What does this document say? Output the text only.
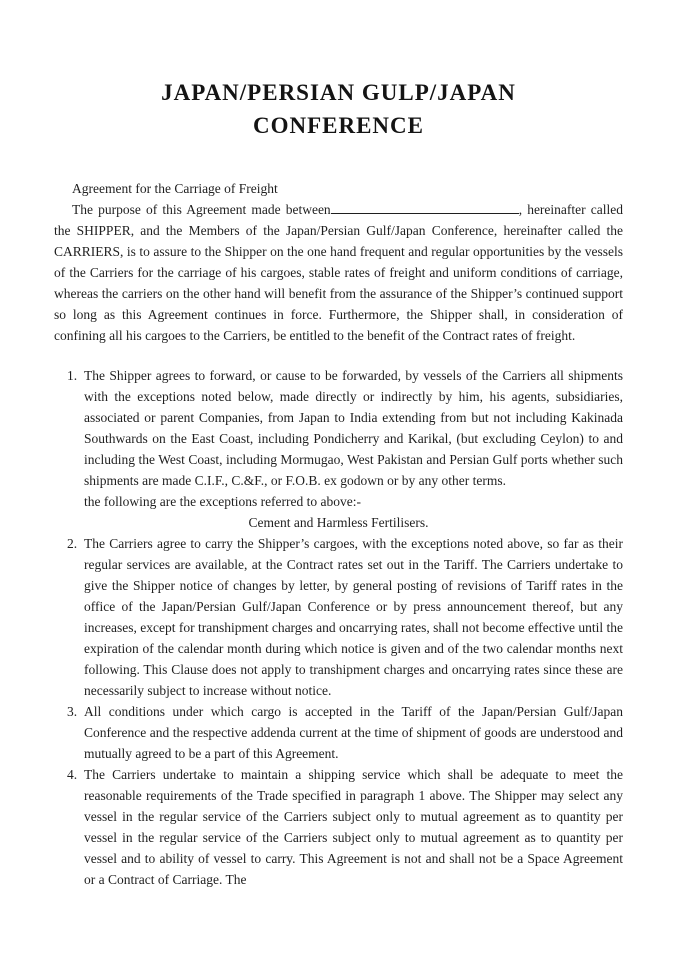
JAPAN/PERSIAN GULP/JAPAN
CONFERENCE
Agreement for the Carriage of Freight
The purpose of this Agreement made between	, hereinafter called the SHIPPER, and the Members of the Japan/Persian Gulf/Japan Conference, hereinafter called the CARRIERS, is to assure to the Shipper on the one hand frequent and regular opportunities by the vessels of the Carriers for the carriage of his cargoes, stable rates of freight and uniform conditions of carriage, whereas the carriers on the other hand will benefit from the assurance of the Shipper’s continued support so long as this Agreement continues in force. Furthermore, the Shipper shall, in consideration of confining all his cargoes to the Carriers, be entitled to the benefit of the Contract rates of freight.
1. The Shipper agrees to forward, or cause to be forwarded, by vessels of the Carriers all shipments with the exceptions noted below, made directly or indirectly by him, his agents, subsidiaries, associated or parent Companies, from Japan to India extending from but not including Kakinada Southwards on the East Coast, including Pondicherry and Karikal, (but excluding Ceylon) to and including the West Coast, including Mormugao, West Pakistan and Persian Gulf ports whether such shipments are made C.I.F., C.&F., or F.O.B. ex godown or by any other terms.
the following are the exceptions referred to above:-
Cement and Harmless Fertilisers.
2. The Carriers agree to carry the Shipper’s cargoes, with the exceptions noted above, so far as their regular services are available, at the Contract rates set out in the Tariff. The Carriers undertake to give the Shipper notice of changes by letter, by general posting of revisions of Tariff rates in the office of the Japan/Persian Gulf/Japan Conference or by press announcement thereof, but any increases, except for transhipment charges and oncarrying rates, shall not become effective until the expiration of the calendar month during which notice is given and of the two calendar months next following. This Clause does not apply to transhipment charges and oncarrying rates since these are necessarily subject to increase without notice.
3. All conditions under which cargo is accepted in the Tariff of the Japan/Persian Gulf/Japan Conference and the respective addenda current at the time of shipment of goods are understood and mutually agreed to be a part of this Agreement.
4. The Carriers undertake to maintain a shipping service which shall be adequate to meet the reasonable requirements of the Trade specified in paragraph 1 above. The Shipper may select any vessel in the regular service of the Carriers subject only to mutual agreement as to quantity per vessel in the regular service of the Carriers subject only to mutual agreement as to quantity per vessel and to ability of vessel to carry. This Agreement is not and shall not be a Space Agreement or a Contract of Carriage. The
